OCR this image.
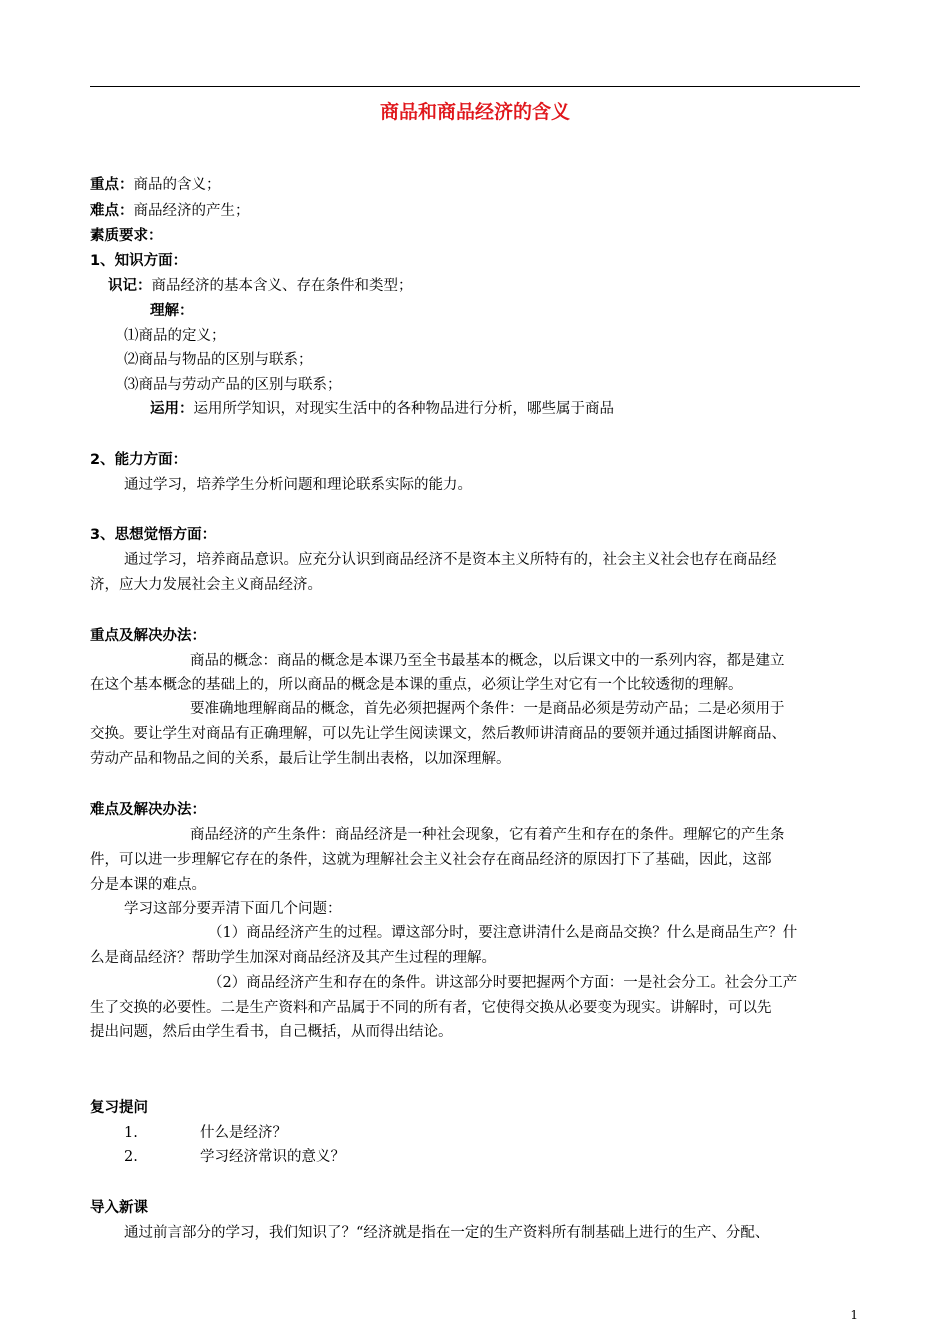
商品和商品经济的含义
重点：商品的含义；
难点：商品经济的产生；
素质要求：
1、知识方面：
识记：商品经济的基本含义、存在条件和类型；
理解：
⑴商品的定义；
⑵商品与物品的区别与联系；
⑶商品与劳动产品的区别与联系；
运用：运用所学知识，对现实生活中的各种物品进行分析，哪些属于商品
2、能力方面：
通过学习，培养学生分析问题和理论联系实际的能力。
3、思想觉悟方面：
通过学习，培养商品意识。应充分认识到商品经济不是资本主义所特有的，社会主义社会也存在商品经
济，应大力发展社会主义商品经济。
重点及解决办法：
商品的概念：商品的概念是本课乃至全书最基本的概念，以后课文中的一系列内容，都是建立
在这个基本概念的基础上的，所以商品的概念是本课的重点，必须让学生对它有一个比较透彻的理解。
要准确地理解商品的概念，首先必须把握两个条件：一是商品必须是劳动产品；二是必须用于
交换。要让学生对商品有正确理解，可以先让学生阅读课文，然后教师讲清商品的要领并通过插图讲解商品、
劳动产品和物品之间的关系，最后让学生制出表格，以加深理解。
难点及解决办法：
商品经济的产生条件：商品经济是一种社会现象，它有着产生和存在的条件。理解它的产生条
件，可以进一步理解它存在的条件，这就为理解社会主义社会存在商品经济的原因打下了基础，因此，这部
分是本课的难点。
学习这部分要弄清下面几个问题：
（1）商品经济产生的过程。谭这部分时，要注意讲清什么是商品交换？什么是商品生产？什
么是商品经济？帮助学生加深对商品经济及其产生过程的理解。
（2）商品经济产生和存在的条件。讲这部分时要把握两个方面：一是社会分工。社会分工产
生了交换的必要性。二是生产资料和产品属于不同的所有者，它使得交换从必要变为现实。讲解时，可以先
提出问题，然后由学生看书，自己概括，从而得出结论。
复习提问
1.	什么是经济？
2.	学习经济常识的意义？
导入新课
通过前言部分的学习，我们知识了？“经济就是指在一定的生产资料所有制基础上进行的生产、分配、
1
